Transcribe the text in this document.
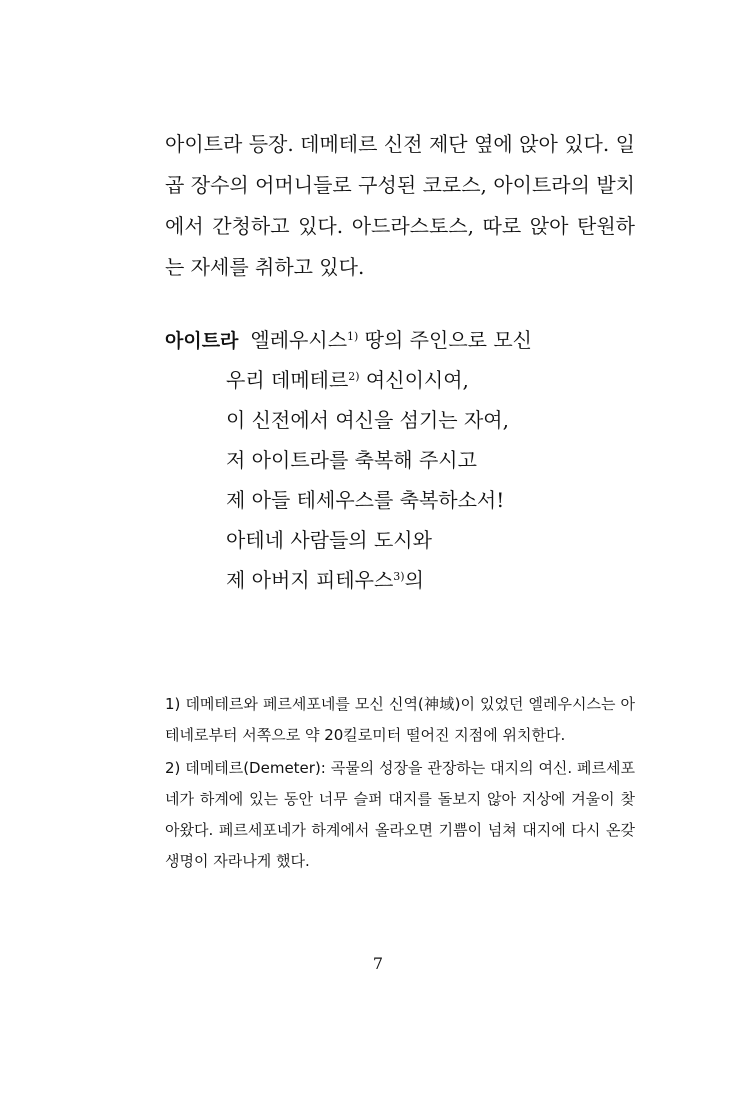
아이트라 등장. 데메테르 신전 제단 옆에 앉아 있다. 일곱 장수의 어머니들로 구성된 코로스, 아이트라의 발치에서 간청하고 있다. 아드라스토스, 따로 앉아 탄원하는 자세를 취하고 있다.

아이트라 엘레우시스$^{1)}$ 땅의 주인으로 모신
우리 데메테르$^{2)}$ 여신이시여,
이 신전에서 여신을 섬기는 자여,
저 아이트라를 축복해 주시고
제 아들 테세우스를 축복하소서!
아테네 사람들의 도시와
제 아버지 피테우스$^{3)}$의

1) 데메테르와 페르세포네를 모신 신역(神域)이 있었던 엘레우시스는 아테네로부터 서쪽으로 약 20킬로미터 떨어진 지점에 위치한다.

2) 데메테르(Demeter): 곡물의 성장을 관장하는 대지의 여신. 페르세포네가 하계에 있는 동안 너무 슬퍼 대지를 돌보지 않아 지상에 겨울이 찾아왔다. 페르세포네가 하계에서 올라오면 기쁨이 넘쳐 대지에 다시 온갖 생명이 자라나게 했다.

7
